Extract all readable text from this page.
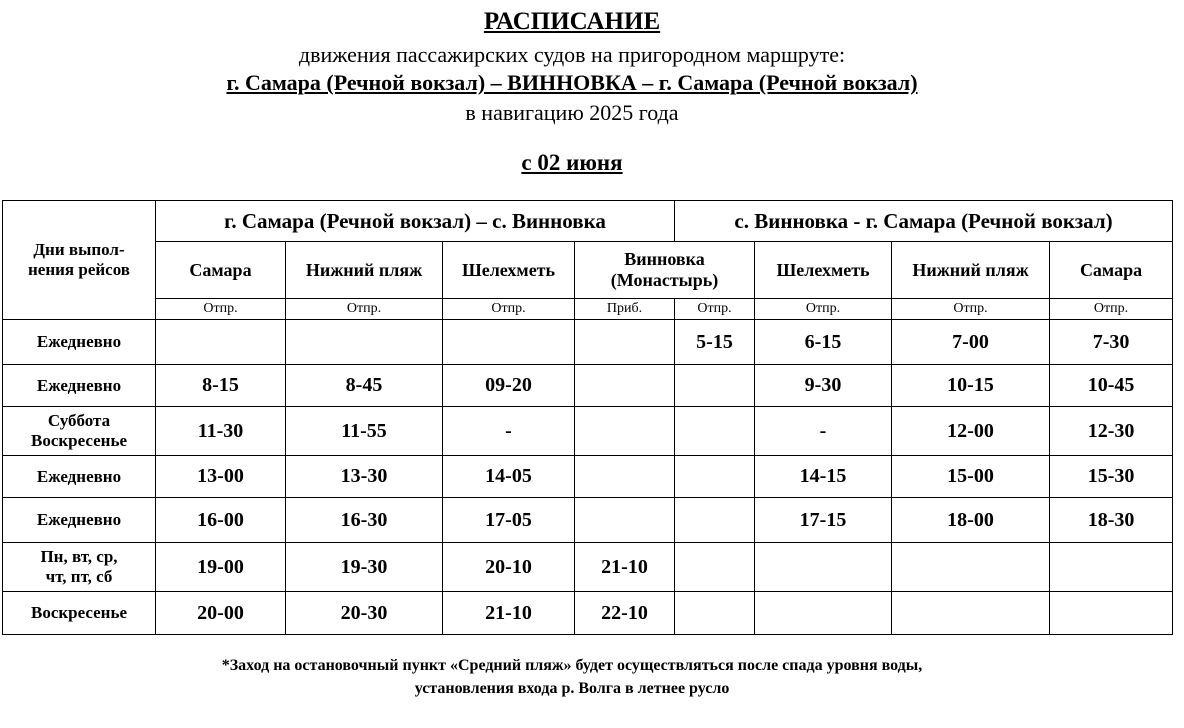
РАСПИСАНИЕ
движения пассажирских судов на пригородном маршруте:
г. Самара (Речной вокзал) – ВИННОВКА – г. Самара (Речной вокзал)
в навигацию 2025 года
с 02 июня
Дни выпол-
нения рейсов	г. Самара (Речной вокзал) – с. Винновка				с. Винновка - г. Самара (Речной вокзал)			
	Самара	Нижний пляж	Шелехметь	Винновка
(Монастырь)		Шелехметь	Нижний пляж	Самара
	Отпр.	Отпр.	Отпр.	Приб.	Отпр.	Отпр.	Отпр.	Отпр.
Ежедневно					5-15	6-15	7-00	7-30
Ежедневно	8-15	8-45	09-20			9-30	10-15	10-45
Суббота
Воскресенье	11-30	11-55	-			-	12-00	12-30
Ежедневно	13-00	13-30	14-05			14-15	15-00	15-30
Ежедневно	16-00	16-30	17-05			17-15	18-00	18-30
Пн, вт, ср,
чт, пт, сб	19-00	19-30	20-10	21-10				
Воскресенье	20-00	20-30	21-10	22-10				
*Заход на остановочный пункт «Средний пляж» будет осуществляться после спада уровня воды,
установления входа р. Волга в летнее русло
